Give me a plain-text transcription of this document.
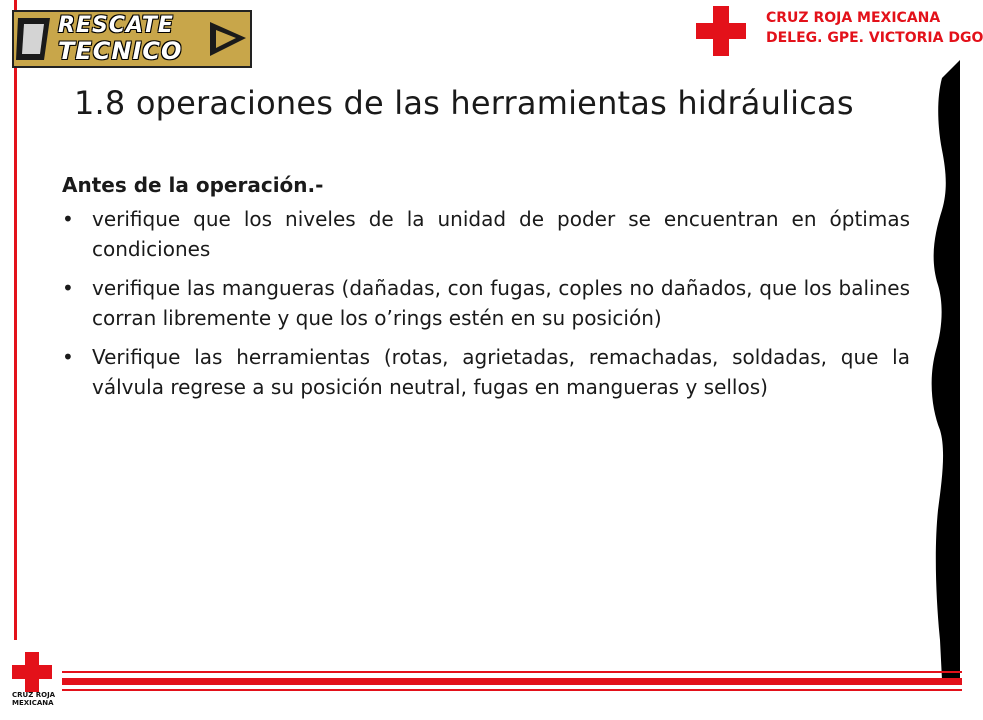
RESCATE
TECNICO
CRUZ ROJA MEXICANA
DELEG. GPE. VICTORIA DGO
1.8 operaciones de las herramientas hidráulicas
Antes de la operación.-
• verifique que los niveles de la unidad de poder se encuentran en óptimas condiciones
• verifique las mangueras (dañadas, con fugas, coples no dañados, que los balines corran libremente y que los o’rings estén en su posición)
• Verifique las herramientas (rotas, agrietadas, remachadas, soldadas, que la válvula regrese a su posición neutral, fugas en mangueras y sellos)
CRUZ ROJA
MEXICANA
